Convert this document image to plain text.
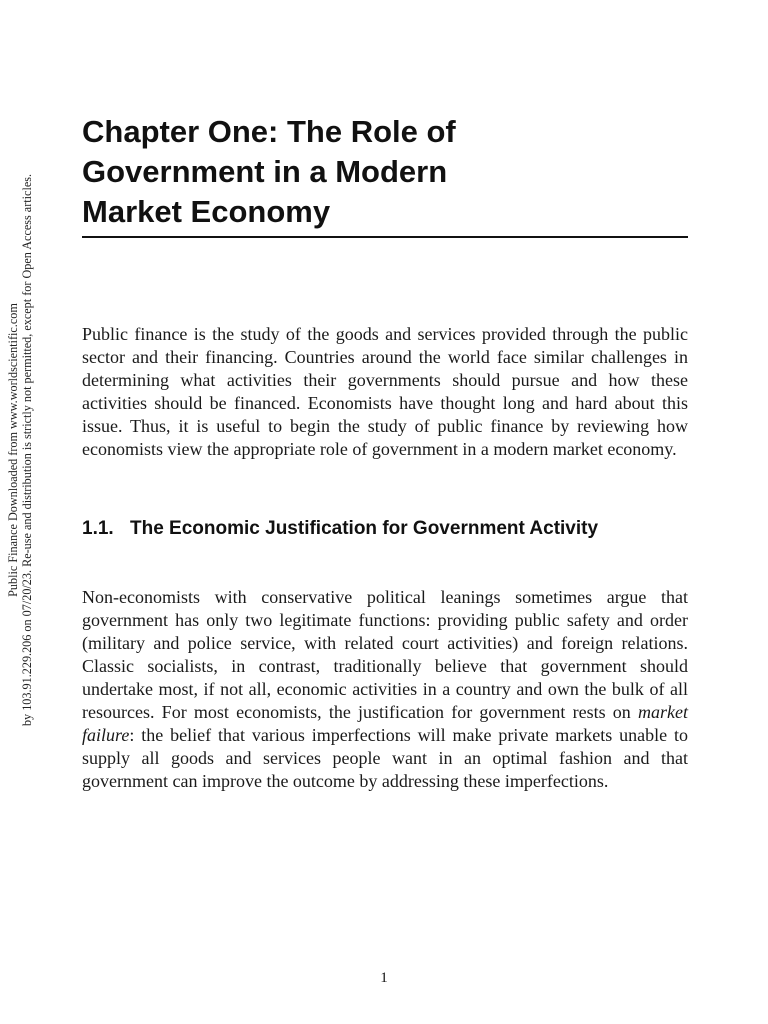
Public Finance Downloaded from www.worldscientific.com by 103.91.229.206 on 07/20/23. Re-use and distribution is strictly not permitted, except for Open Access articles.
Chapter One: The Role of
Government in a Modern
Market Economy

Public finance is the study of the goods and services provided through the public sector and their financing. Countries around the world face similar challenges in determining what activities their governments should pursue and how these activities should be financed. Economists have thought long and hard about this issue. Thus, it is useful to begin the study of public finance by reviewing how economists view the appropriate role of government in a modern market economy.

1.1. The Economic Justification for Government Activity

Non-economists with conservative political leanings sometimes argue that government has only two legitimate functions: providing public safety and order (military and police service, with related court activities) and foreign relations. Classic socialists, in contrast, traditionally believe that government should undertake most, if not all, economic activities in a country and own the bulk of all resources. For most economists, the justification for government rests on market failure: the belief that various imperfections will make private markets unable to supply all goods and services people want in an optimal fashion and that government can improve the outcome by addressing these imperfections.

1
